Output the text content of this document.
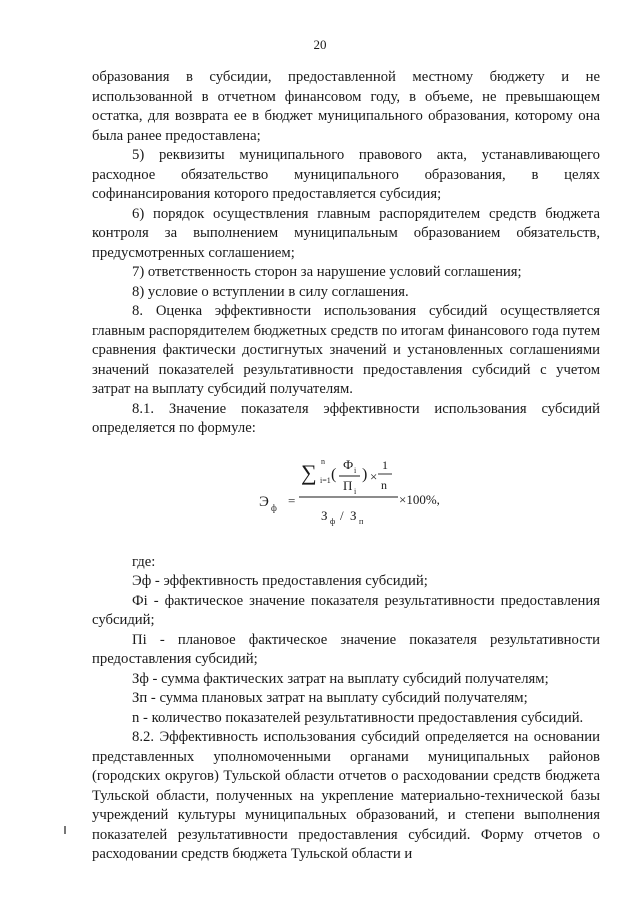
20

образования в субсидии, предоставленной местному бюджету и не использованной в отчетном финансовом году, в объеме, не превышающем остатка, для возврата ее в бюджет муниципального образования, которому она была ранее предоставлена;

5) реквизиты муниципального правового акта, устанавливающего расходное обязательство муниципального образования, в целях софинансирования которого предоставляется субсидия;

6) порядок осуществления главным распорядителем средств бюджета контроля за выполнением муниципальным образованием обязательств, предусмотренных соглашением;

7) ответственность сторон за нарушение условий соглашения;

8) условие о вступлении в силу соглашения.

8. Оценка эффективности использования субсидий осуществляется главным распорядителем бюджетных средств по итогам финансового года путем сравнения фактически достигнутых значений и установленных соглашениями значений показателей результативности предоставления субсидий с учетом затрат на выплату субсидий получателям.

8.1. Значение показателя эффективности использования субсидий определяется по формуле:

Э ф =
∑ i=1
n
(
Ф i
П i
) ×
1
n
З ф / З п
×100%,

где:

Эф - эффективность предоставления субсидий;

Фi - фактическое значение показателя результативности предоставления субсидий;

Пi - плановое фактическое значение показателя результативности предоставления субсидий;

Зф - сумма фактических затрат на выплату субсидий получателям;

Зп - сумма плановых затрат на выплату субсидий получателям;

n - количество показателей результативности предоставления субсидий.

8.2. Эффективность использования субсидий определяется на основании представленных уполномоченными органами муниципальных районов (городских округов) Тульской области отчетов о расходовании средств бюджета Тульской области, полученных на укрепление материально-технической базы учреждений культуры муниципальных образований, и степени выполнения показателей результативности предоставления субсидий. Форму отчетов о расходовании средств бюджета Тульской области и
